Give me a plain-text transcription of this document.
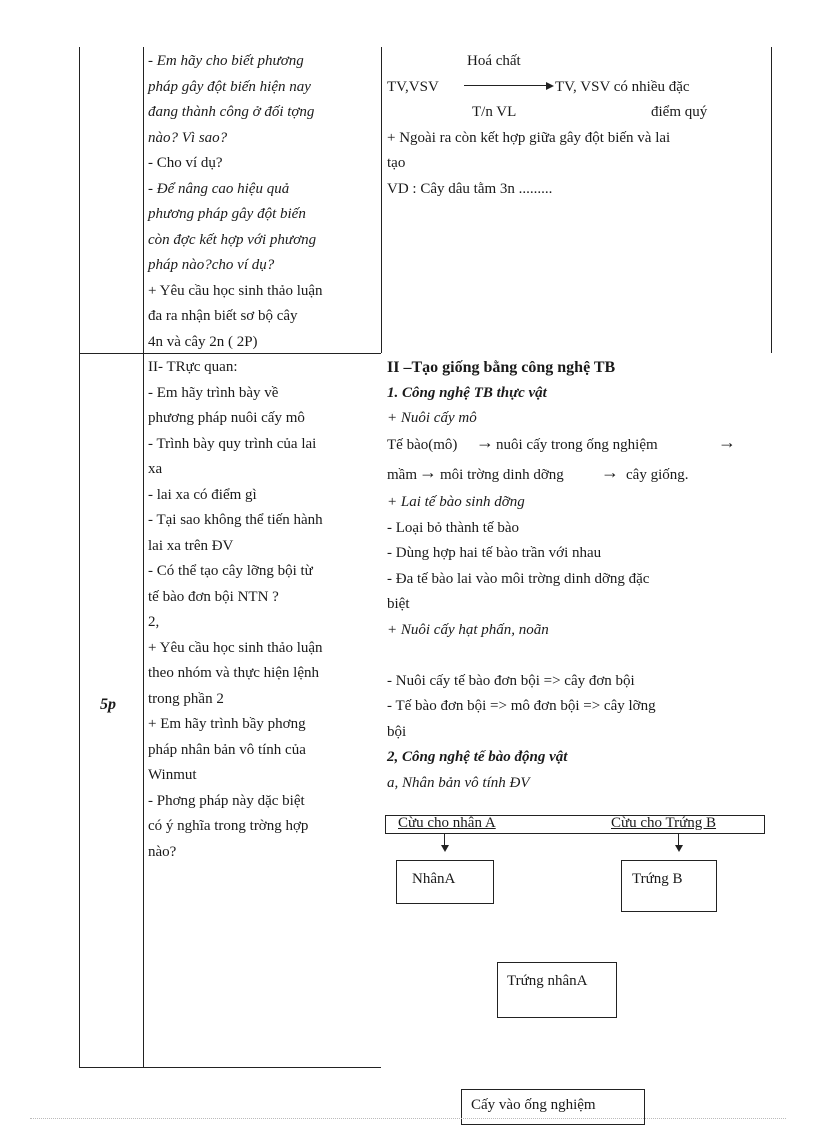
- Em hãy cho biết phương
pháp gây đột biến hiện nay
đang thành công ở đối tợng
nào? Vì sao?
- Cho ví dụ?
- Để nâng cao hiệu quả
phương pháp gây đột biến
còn đợc kết hợp với phương
pháp nào?cho ví dụ?
+ Yêu cầu học sinh thảo luận
đa ra nhận biết sơ bộ cây
4n và cây 2n ( 2P)
Hoá chất
TV,VSV	TV, VSV có nhiều đặc
T/n VL	điểm quý
+ Ngoài ra còn kết hợp giữa gây đột biến và lai
tạo
VD : Cây dâu tằm 3n .........
5p
II- TRực quan:
- Em hãy trình bày về
phương pháp nuôi cấy mô
- Trình bày quy trình của lai
xa
- lai xa có điểm gì
- Tại sao không thể tiến hành
lai xa trên ĐV
- Có thể tạo cây lỡng bội từ
tế bào đơn bội NTN ?
2,
+ Yêu cầu học sinh thảo luận
theo nhóm và thực hiện lệnh
trong phần 2
+ Em hãy trình bầy phơng
pháp nhân bản vô tính của
Winmut
- Phơng pháp này dặc biệt
có ý nghĩa trong trờng hợp
nào?
II –Tạo giống bằng công nghệ TB
1. Công nghệ TB thực vật
+ Nuôi cấy mô
Tế bào(mô) → nuôi cấy trong ống nghiệm	→
mầm → môi trờng dinh dỡng → cây giống.
+ Lai tế bào sinh dỡng
- Loại bỏ thành tế bào
- Dùng hợp hai tế bào trần với nhau
- Đa tế bào lai vào môi trờng dinh dỡng đặc
biệt
+ Nuôi cấy hạt phấn, noãn
- Nuôi cấy tế bào đơn bội => cây đơn bội
- Tế bào đơn bội => mô đơn bội => cây lỡng
bội
2, Công nghệ tế bào động vật
a, Nhân bản vô tính ĐV
Cừu cho nhân A	Cừu cho Trứng B
NhânA	Trứng B
Trứng nhânA
Cấy vào ống nghiệm
